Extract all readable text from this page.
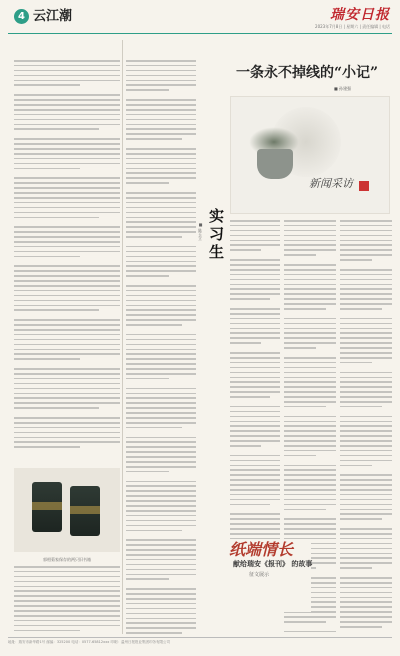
4 云江潮	瑞安日报
2023年7月8日 | 星期六 | 责任编辑 | 电话
郭相菊家保存的两只旧书箱
实习生
■ 陈玉立
一条永不掉线的“小记”
■ 孙建强
新闻采访
纸端情长
献给瑞安《报刊》 的故事
征文展示
地址：瑞安市新华路1号 邮编：325200 电话：0577-65812xxx 印刷：温州日报报业集团印务有限公司
